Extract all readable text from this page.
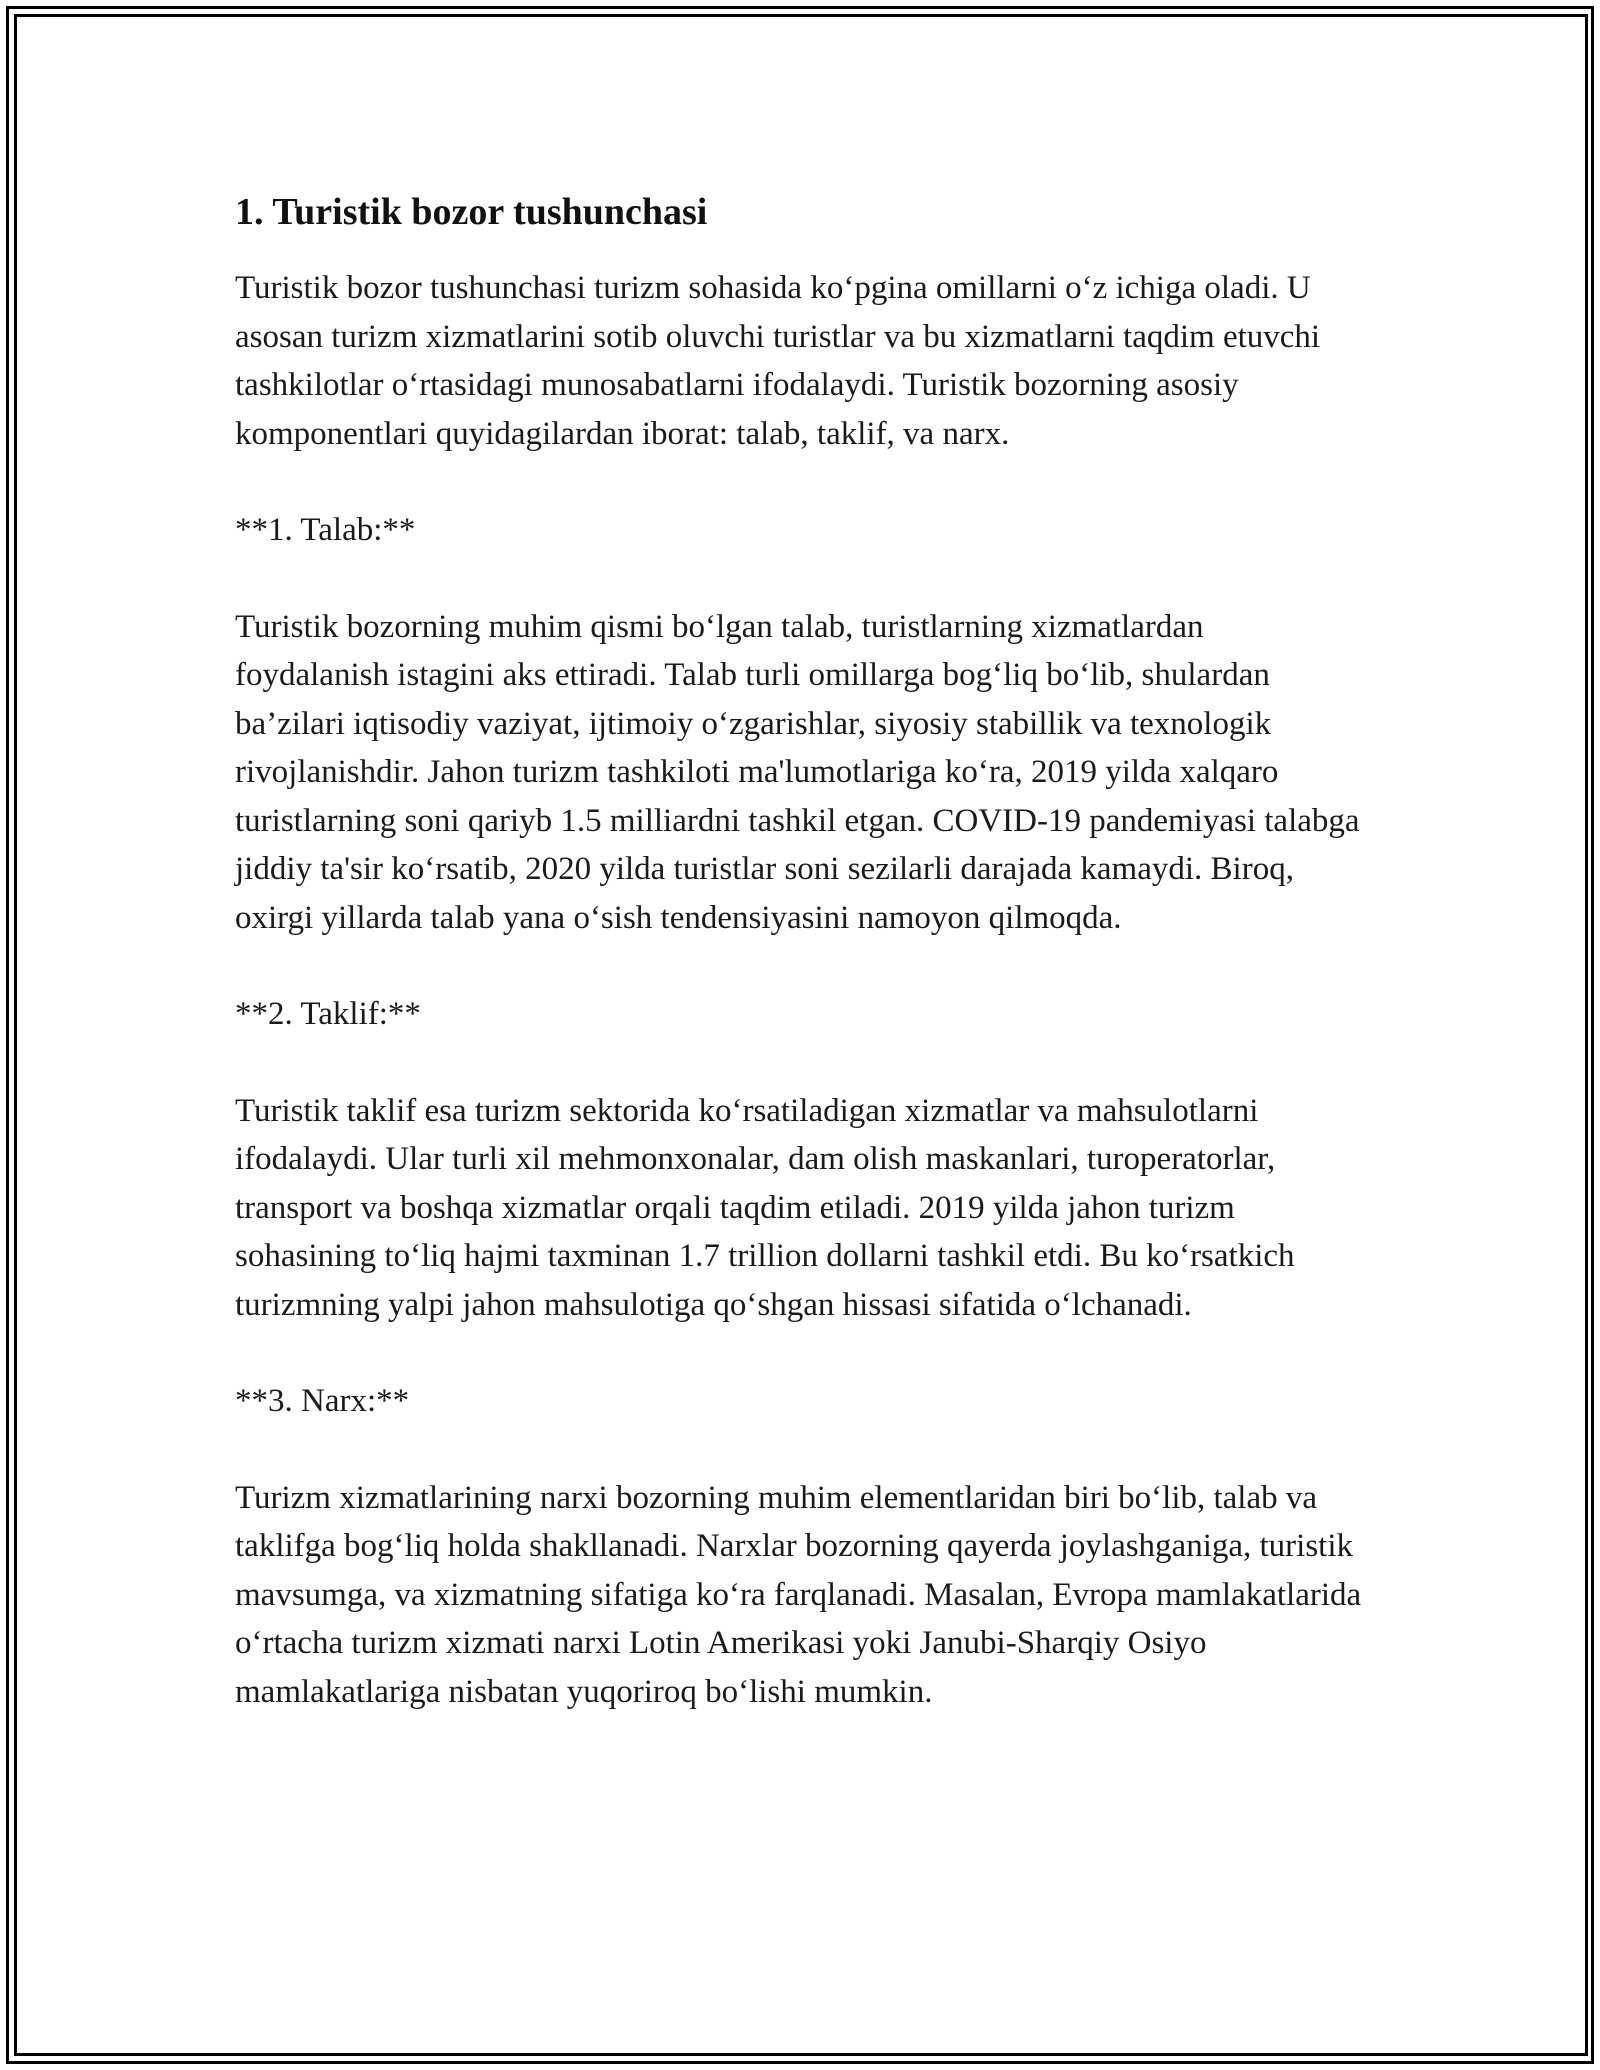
1. Turistik bozor tushunchasi

Turistik bozor tushunchasi turizm sohasida ko‘pgina omillarni o‘z ichiga oladi. U asosan turizm xizmatlarini sotib oluvchi turistlar va bu xizmatlarni taqdim etuvchi tashkilotlar o‘rtasidagi munosabatlarni ifodalaydi. Turistik bozorning asosiy komponentlari quyidagilardan iborat: talab, taklif, va narx.

**1. Talab:**

Turistik bozorning muhim qismi bo‘lgan talab, turistlarning xizmatlardan foydalanish istagini aks ettiradi. Talab turli omillarga bog‘liq bo‘lib, shulardan ba’zilari iqtisodiy vaziyat, ijtimoiy o‘zgarishlar, siyosiy stabillik va texnologik rivojlanishdir. Jahon turizm tashkiloti ma'lumotlariga ko‘ra, 2019 yilda xalqaro turistlarning soni qariyb 1.5 milliardni tashkil etgan. COVID-19 pandemiyasi talabga jiddiy ta'sir ko‘rsatib, 2020 yilda turistlar soni sezilarli darajada kamaydi. Biroq, oxirgi yillarda talab yana o‘sish tendensiyasini namoyon qilmoqda.

**2. Taklif:**

Turistik taklif esa turizm sektorida ko‘rsatiladigan xizmatlar va mahsulotlarni ifodalaydi. Ular turli xil mehmonxonalar, dam olish maskanlari, turoperatorlar, transport va boshqa xizmatlar orqali taqdim etiladi. 2019 yilda jahon turizm sohasining to‘liq hajmi taxminan 1.7 trillion dollarni tashkil etdi. Bu ko‘rsatkich turizmning yalpi jahon mahsulotiga qo‘shgan hissasi sifatida o‘lchanadi.

**3. Narx:**

Turizm xizmatlarining narxi bozorning muhim elementlaridan biri bo‘lib, talab va taklifga bog‘liq holda shakllanadi. Narxlar bozorning qayerda joylashganiga, turistik mavsumga, va xizmatning sifatiga ko‘ra farqlanadi. Masalan, Evropa mamlakatlarida o‘rtacha turizm xizmati narxi Lotin Amerikasi yoki Janubi-Sharqiy Osiyo mamlakatlariga nisbatan yuqoriroq bo‘lishi mumkin.
